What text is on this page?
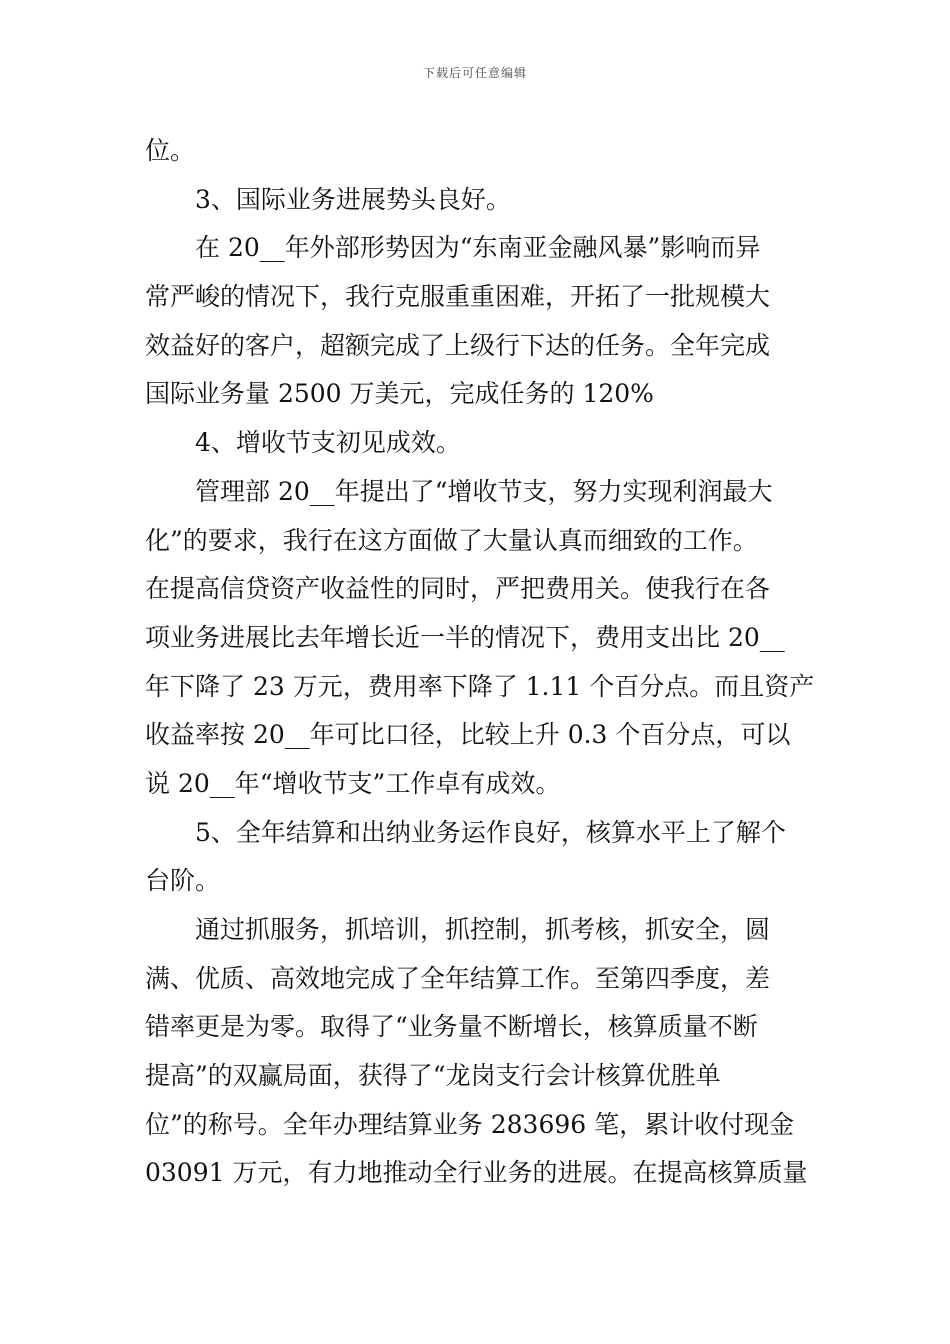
下载后可任意编辑
位。
3、国际业务进展势头良好。
在 20__年外部形势因为“东南亚金融风暴”影响而异
常严峻的情况下，我行克服重重困难，开拓了一批规模大
效益好的客户，超额完成了上级行下达的任务。全年完成
国际业务量 2500 万美元，完成任务的 120%
4、增收节支初见成效。
管理部 20__年提出了“增收节支，努力实现利润最大
化”的要求，我行在这方面做了大量认真而细致的工作。
在提高信贷资产收益性的同时，严把费用关。使我行在各
项业务进展比去年增长近一半的情况下，费用支出比 20__
年下降了 23 万元，费用率下降了 1.11 个百分点。而且资产
收益率按 20__年可比口径，比较上升 0.3 个百分点，可以
说 20__年“增收节支”工作卓有成效。
5、全年结算和出纳业务运作良好，核算水平上了解个
台阶。
通过抓服务，抓培训，抓控制，抓考核，抓安全，圆
满、优质、高效地完成了全年结算工作。至第四季度，差
错率更是为零。取得了“业务量不断增长，核算质量不断
提高”的双赢局面，获得了“龙岗支行会计核算优胜单
位”的称号。全年办理结算业务 283696 笔，累计收付现金
03091 万元，有力地推动全行业务的进展。在提高核算质量
